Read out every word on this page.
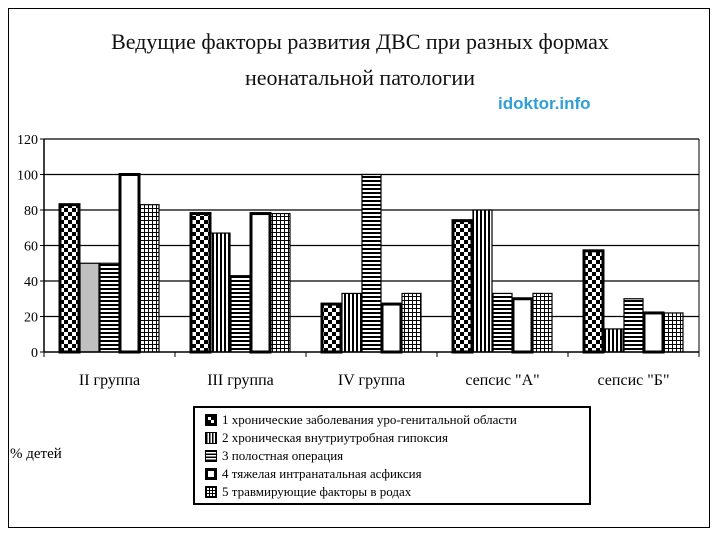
Ведущие факторы развития ДВС при разных формах
неонатальной патологии
idoktor.info
0
20
40
60
80
100
120
II группа	III группа	IV группа	сепсис "А"	сепсис "Б"
% детей
1 хронические заболевания уро-генитальной области
2 хроническая внутриутробная гипоксия
3 полостная операция
4 тяжелая интранатальная асфиксия
5 травмирующие факторы в родах
